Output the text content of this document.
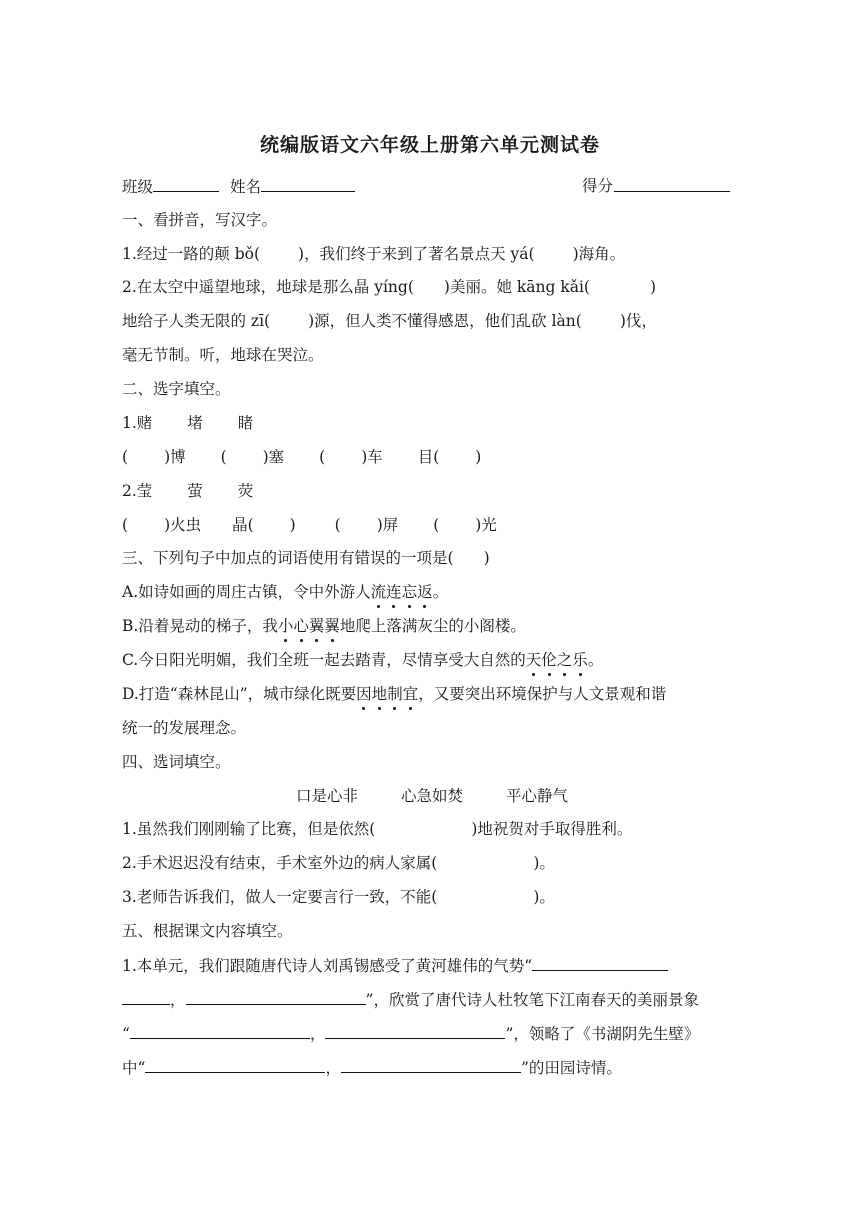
统编版语文六年级上册第六单元测试卷
班级	姓名	得分
一、看拼音，写汉字。
1.经过一路的颠 bǒ( )，我们终于来到了著名景点天 yá( )海角。
2.在太空中遥望地球，地球是那么晶 yíng( )美丽。她 kāng kǎi(	)
地给子人类无限的 zī( )源，但人类不懂得感恩，他们乱砍 làn( )伐，
毫无节制。听，地球在哭泣。
二、选字填空。
1.赌 堵 睹
( )博 ( )塞 ( )车 目( )
2.莹 萤 荧
( )火虫 晶( )	( )屏 ( )光
三、下列句子中加点的词语使用有错误的一项是( )
A.如诗如画的周庄古镇，令中外游人流连忘返。
B.沿着晃动的梯子，我小心翼翼地爬上落满灰尘的小阁楼。
C.今日阳光明媚，我们全班一起去踏青，尽情享受大自然的天伦之乐。
D.打造“森林昆山”，城市绿化既要因地制宜，又要突出环境保护与人文景观和谐
统一的发展理念。
四、选词填空。
口是心非	心急如焚	平心静气
1.虽然我们刚刚输了比赛，但是依然(	)地祝贺对手取得胜利。
2.手术迟迟没有结束，手术室外边的病人家属(	)。
3.老师告诉我们，做人一定要言行一致，不能(	)。
五、根据课文内容填空。
1.本单元，我们跟随唐代诗人刘禹锡感受了黄河雄伟的气势“
，	”，欣赏了唐代诗人杜牧笔下江南春天的美丽景象
“	，	”，领略了《书湖阴先生壁》
中“	，	”的田园诗情。
